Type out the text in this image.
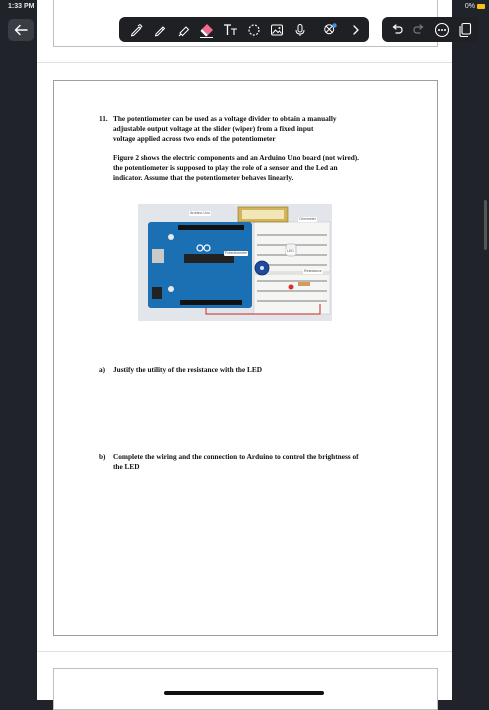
1:33 PM	0%
11. The potentiometer can be used as a voltage divider to obtain a manually
adjustable output voltage at the slider (wiper) from a fixed input
voltage applied across two ends of the potentiometer
Figure 2 shows the electric components and an Arduino Uno board (not wired).
the potentiometer is supposed to play the role of a sensor and the Led an
indicator. Assume that the potentiometer behaves linearly.
Arduino Uno
Ohmmeter
Potentiometer	LED
Resistance
a) Justify the utility of the resistance with the LED
b) Complete the wiring and the connection to Arduino to control the brightness of
the LED
